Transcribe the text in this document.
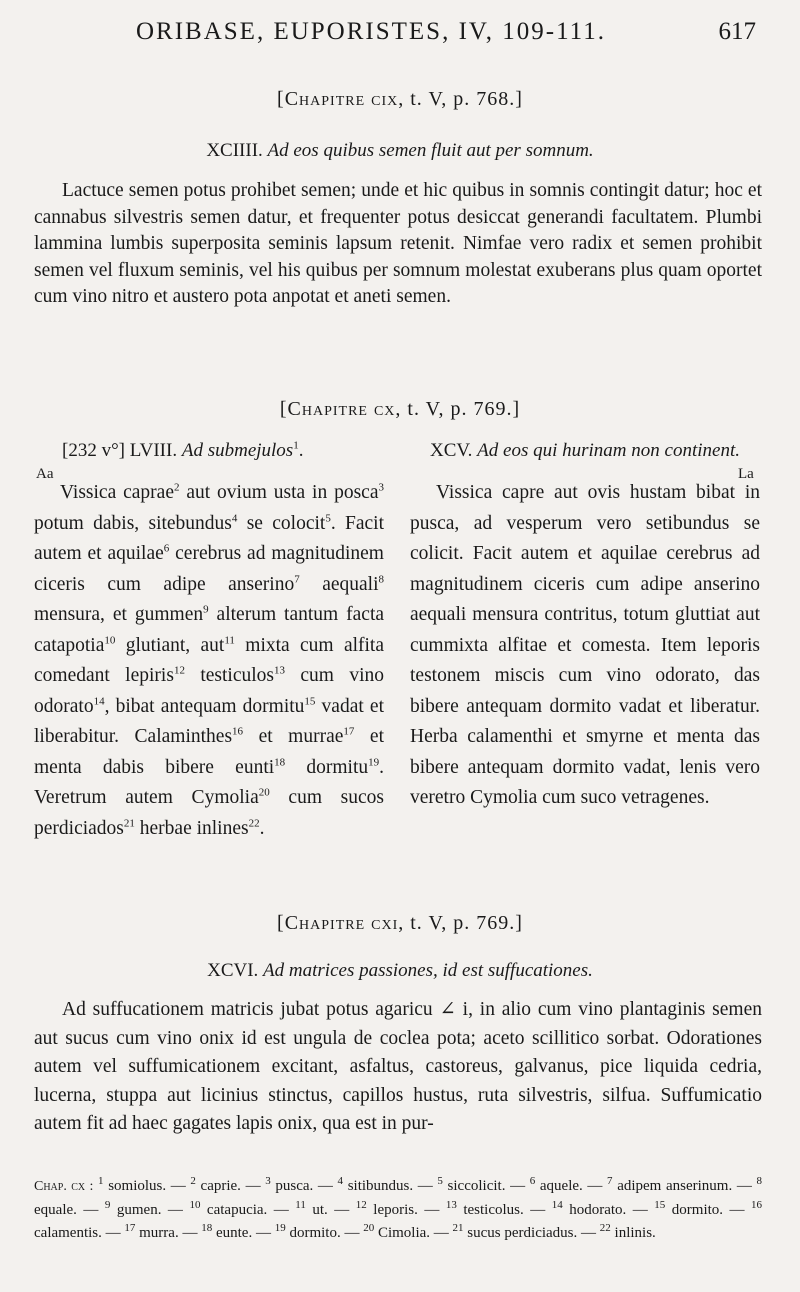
ORIBASE, EUPORISTES, IV, 109-111.	617
[Chapitre cix, t. V, p. 768.]
XCIIII. Ad eos quibus semen fluit aut per somnum.

Lactuce semen potus prohibet semen; unde et hic quibus in somnis contingit datur; hoc et cannabus silvestris semen datur, et frequenter potus desiccat generandi facultatem. Plumbi lammina lumbis superposita seminis lapsum retenit. Nimfae vero radix et semen prohibit semen vel fluxum seminis, vel his quibus per somnum molestat exuberans plus quam oportet cum vino nitro et austero pota anpotat et aneti semen.

[Chapitre cx, t. V, p. 769.]
[232 v°] LVIII. Ad submejulos$^1$.
Aa
XCV. Ad eos qui hurinam non continent.
La

Vissica caprae$^2$ aut ovium usta in posca$^3$ potum dabis, sitebundus$^4$ se colocit$^5$. Facit autem et aquilae$^6$ cerebrus ad magnitudinem ciceris cum adipe anserino$^7$ aequali$^8$ mensura, et gummen$^9$ alterum tantum facta catapotia$^{10}$ glutiant, aut$^{11}$ mixta cum alfita comedant lepiris$^{12}$ testiculos$^{13}$ cum vino odorato$^{14}$, bibat antequam dormitu$^{15}$ vadat et liberabitur. Calaminthes$^{16}$ et murrae$^{17}$ et menta dabis bibere eunti$^{18}$ dormitu$^{19}$. Veretrum autem Cymolia$^{20}$ cum sucos perdiciados$^{21}$ herbae inlines$^{22}$.

Vissica capre aut ovis hustam bibat in pusca, ad vesperum vero setibundus se colicit. Facit autem et aquilae cerebrus ad magnitudinem ciceris cum adipe anserino aequali mensura contritus, totum gluttiat aut cummixta alfitae et comesta. Item leporis testonem miscis cum vino odorato, das bibere antequam dormito vadat et liberatur. Herba calamenthi et smyrne et menta das bibere antequam dormito vadat, lenis vero veretro Cymolia cum suco vetragenes.

[Chapitre cxi, t. V, p. 769.]
XCVI. Ad matrices passiones, id est suffucationes.

Ad suffucationem matricis jubat potus agaricu ∠ i, in alio cum vino plantaginis semen aut sucus cum vino onix id est ungula de coclea pota; aceto scillitico sorbat. Odorationes autem vel suffumicationem excitant, asfaltus, castoreus, galvanus, pice liquida cedria, lucerna, stuppa aut licinius stinctus, capillos hustus, ruta silvestris, silfua. Suffumicatio autem fit ad haec gagates lapis onix, qua est in pur-

Chap. cx : $^1$ somiolus. — $^2$ caprie. — $^3$ pusca. — $^4$ sitibundus. — $^5$ siccolicit. — $^6$ aquele. — $^7$ adipem anserinum. — $^8$ equale. — $^9$ gumen. — $^{10}$ catapucia. — $^{11}$ ut. — $^{12}$ leporis. — $^{13}$ testicolus. — $^{14}$ hodorato. — $^{15}$ dormito. — $^{16}$ calamentis. — $^{17}$ murra. — $^{18}$ eunte. — $^{19}$ dormito. — $^{20}$ Cimolia. — $^{21}$ sucus perdiciadus. — $^{22}$ inlinis.
